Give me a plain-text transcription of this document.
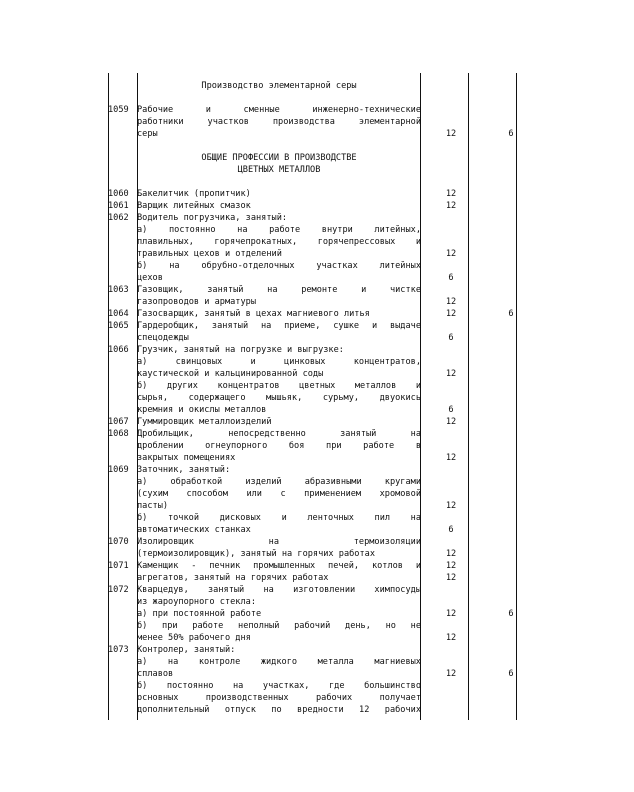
Производство элементарной серы
1059 Рабочие и сменные инженерно-технические
работники участков производства элементарной
серы	12	6
ОБЩИЕ ПРОФЕССИИ В ПРОИЗВОДСТВЕ
ЦВЕТНЫХ МЕТАЛЛОВ
1060 Бакелитчик (пропитчик)	12
1061 Варщик литейных смазок	12
1062 Водитель погрузчика, занятый:
а) постоянно на работе внутри литейных,
плавильных, горячепрокатных, горячепрессовых и
травильных цехов и отделений	12
б) на обрубно-отделочных участках литейных
цехов	6
1063 Газовщик, занятый на ремонте и чистке
газопроводов и арматуры	12
1064 Газосварщик, занятый в цехах магниевого литья	12	6
1065 Гардеробщик, занятый на приеме, сушке и выдаче
спецодежды	6
1066 Грузчик, занятый на погрузке и выгрузке:
а) свинцовых и цинковых концентратов,
каустической и кальцинированной соды	12
б) других концентратов цветных металлов и
сырья, содержащего мышьяк, сурьму, двуокись
кремния и окислы металлов	6
1067 Гуммировщик металлоизделий	12
1068 Дробильщик, непосредственно занятый на
дроблении огнеупорного боя при работе в
закрытых помещениях	12
1069 Заточник, занятый:
а) обработкой изделий абразивными кругами
(сухим способом или с применением хромовой
пасты)	12
б) точкой дисковых и ленточных пил на
автоматических станках	6
1070 Изолировщик на термоизоляции
(термоизолировщик), занятый на горячих работах	12
1071 Каменщик - печник промышленных печей, котлов и	12
агрегатов, занятый на горячих работах	12
1072 Кварцедув, занятый на изготовлении химпосуды
из жароупорного стекла:
а) при постоянной работе	12	6
б) при работе неполный рабочий день, но не
менее 50% рабочего дня	12
1073 Контролер, занятый:
а) на контроле жидкого металла магниевых
сплавов	12	6
б) постоянно на участках, где большинство
основных производственных рабочих получает
дополнительный отпуск по вредности 12 рабочих
